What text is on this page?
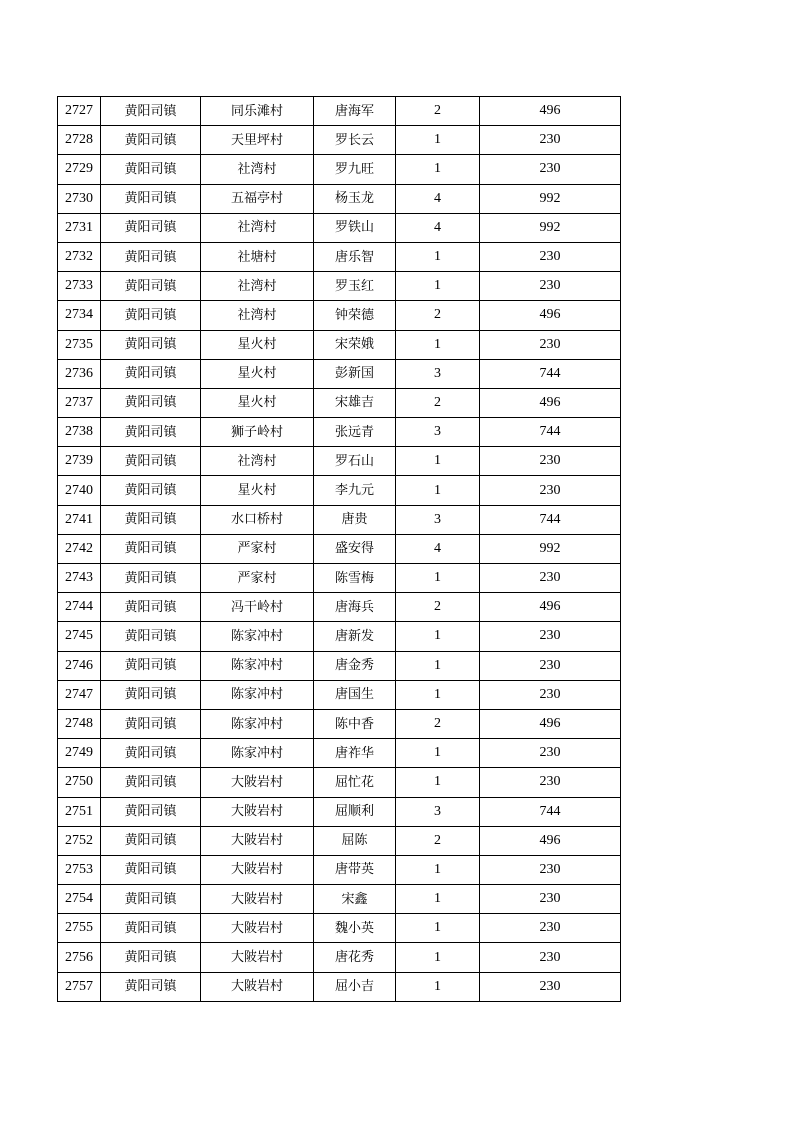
2727	黄阳司镇	同乐滩村	唐海军	2	496
2728	黄阳司镇	天里坪村	罗长云	1	230
2729	黄阳司镇	社湾村	罗九旺	1	230
2730	黄阳司镇	五福亭村	杨玉龙	4	992
2731	黄阳司镇	社湾村	罗铁山	4	992
2732	黄阳司镇	社塘村	唐乐智	1	230
2733	黄阳司镇	社湾村	罗玉红	1	230
2734	黄阳司镇	社湾村	钟荣德	2	496
2735	黄阳司镇	星火村	宋荣娥	1	230
2736	黄阳司镇	星火村	彭新国	3	744
2737	黄阳司镇	星火村	宋雄吉	2	496
2738	黄阳司镇	狮子岭村	张远青	3	744
2739	黄阳司镇	社湾村	罗石山	1	230
2740	黄阳司镇	星火村	李九元	1	230
2741	黄阳司镇	水口桥村	唐贵	3	744
2742	黄阳司镇	严家村	盛安得	4	992
2743	黄阳司镇	严家村	陈雪梅	1	230
2744	黄阳司镇	冯干岭村	唐海兵	2	496
2745	黄阳司镇	陈家冲村	唐新发	1	230
2746	黄阳司镇	陈家冲村	唐金秀	1	230
2747	黄阳司镇	陈家冲村	唐国生	1	230
2748	黄阳司镇	陈家冲村	陈中香	2	496
2749	黄阳司镇	陈家冲村	唐祚华	1	230
2750	黄阳司镇	大陂岩村	屈忙花	1	230
2751	黄阳司镇	大陂岩村	屈顺利	3	744
2752	黄阳司镇	大陂岩村	屈陈	2	496
2753	黄阳司镇	大陂岩村	唐带英	1	230
2754	黄阳司镇	大陂岩村	宋鑫	1	230
2755	黄阳司镇	大陂岩村	魏小英	1	230
2756	黄阳司镇	大陂岩村	唐花秀	1	230
2757	黄阳司镇	大陂岩村	屈小吉	1	230
